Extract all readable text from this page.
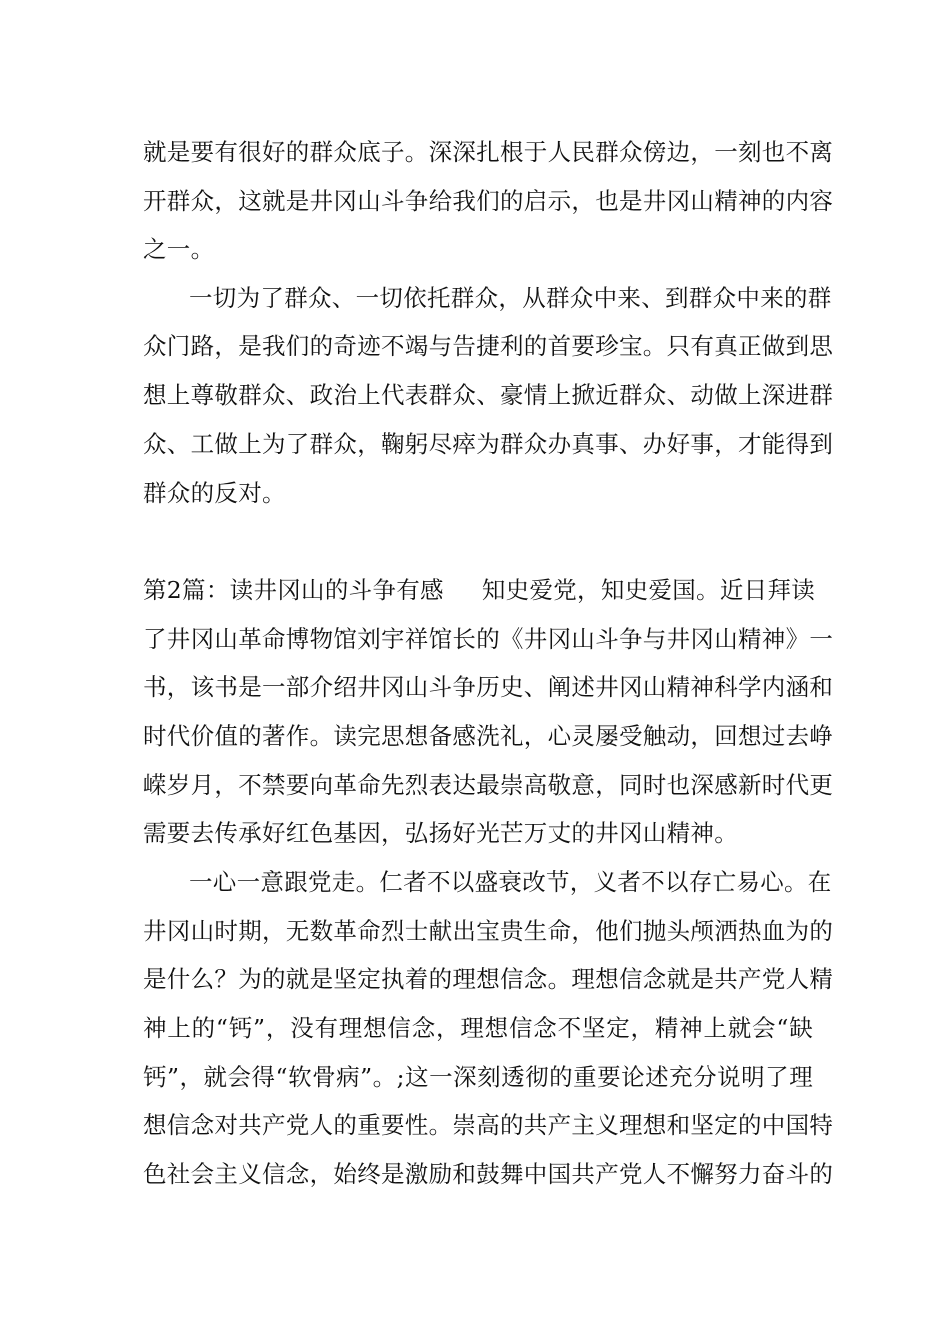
就是要有很好的群众底子。深深扎根于人民群众傍边，一刻也不离
开群众，这就是井冈山斗争给我们的启示，也是井冈山精神的内容
之一。
一切为了群众、一切依托群众，从群众中来、到群众中来的群
众门路，是我们的奇迹不竭与告捷利的首要珍宝。只有真正做到思
想上尊敬群众、政治上代表群众、豪情上掀近群众、动做上深进群
众、工做上为了群众，鞠躬尽瘁为群众办真事、办好事，才能得到
群众的反对。
第2篇：读井冈山的斗争有感 知史爱党，知史爱国。近日拜读
了井冈山革命博物馆刘宇祥馆长的《井冈山斗争与井冈山精神》一
书，该书是一部介绍井冈山斗争历史、阐述井冈山精神科学内涵和
时代价值的著作。读完思想备感洗礼，心灵屡受触动，回想过去峥
嵘岁月，不禁要向革命先烈表达最崇高敬意，同时也深感新时代更
需要去传承好红色基因，弘扬好光芒万丈的井冈山精神。
一心一意跟党走。仁者不以盛衰改节，义者不以存亡易心。在
井冈山时期，无数革命烈士献出宝贵生命，他们抛头颅洒热血为的
是什么？为的就是坚定执着的理想信念。理想信念就是共产党人精
神上的“钙”，没有理想信念，理想信念不坚定，精神上就会“缺
钙”，就会得“软骨病”。;这一深刻透彻的重要论述充分说明了理
想信念对共产党人的重要性。崇高的共产主义理想和坚定的中国特
色社会主义信念，始终是激励和鼓舞中国共产党人不懈努力奋斗的
